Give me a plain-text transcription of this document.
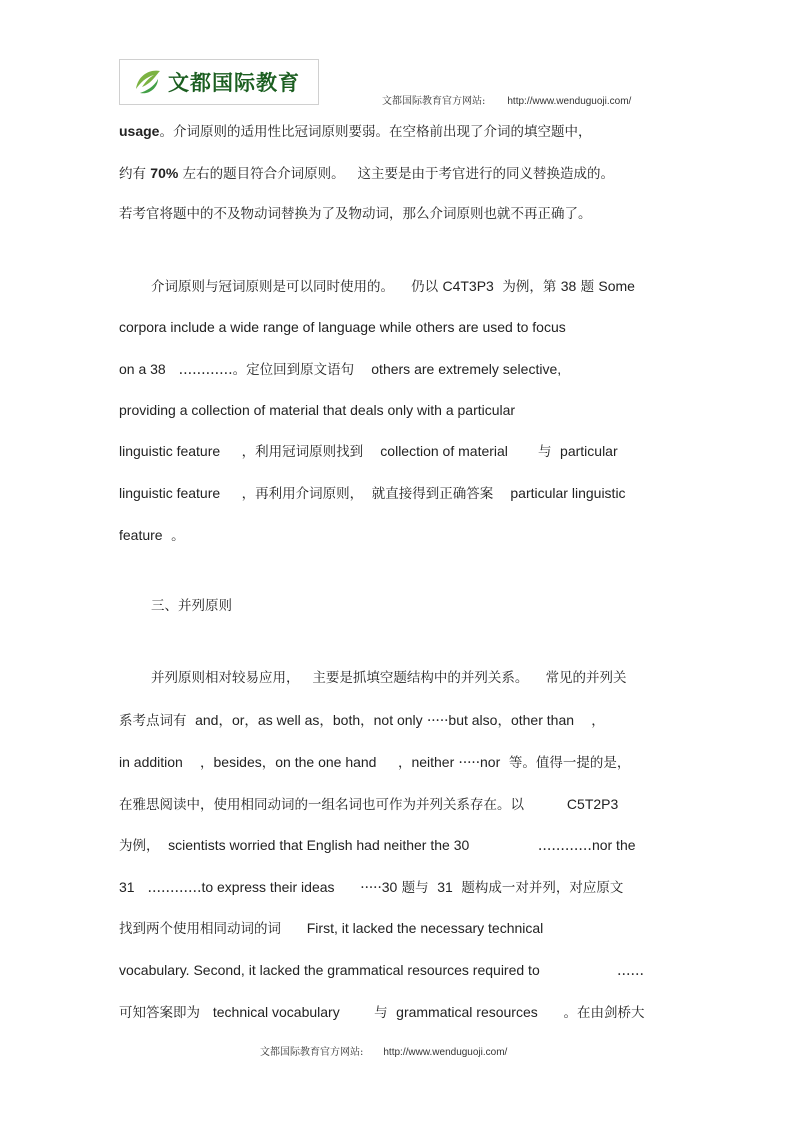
文都国际教育
文都国际教育官方网站: http://www.wenduguoji.com/
usage。介词原则的适用性比冠词原则要弱。在空格前出现了介词的填空题中，
约有 70% 左右的题目符合介词原则。   这主要是由于考官进行的同义替换造成的。
若考官将题中的不及物动词替换为了及物动词，那么介词原则也就不再正确了。
介词原则与冠词原则是可以同时使用的。    仍以 C4T3P3  为例，第 38 题 Some
corpora include a wide range of language while others are used to focus
on a 38   …………。定位回到原文语句    others are extremely selective,
providing a collection of material that deals only with a particular
linguistic feature     ，利用冠词原则找到    collection of material       与  particular
linguistic feature     ，再利用介词原则，  就直接得到正确答案    particular linguistic
feature  。
三、并列原则
并列原则相对较易应用，   主要是抓填空题结构中的并列关系。    常见的并列关
系考点词有  and，or，as well as，both，not only ·····but also，other than    ，
in addition    ，besides，on the one hand     ，neither ·····nor  等。值得一提的是，
在雅思阅读中，使用相同动词的一组名词也可作为并列关系存在。以          C5T2P3
为例，  scientists worried that English had neither the 30                …………nor the
31   …………to express their ideas      ·····30 题与  31  题构成一对并列，对应原文
找到两个使用相同动词的词      First, it lacked the necessary technical
vocabulary. Second, it lacked the grammatical resources required to                  ……
可知答案即为   technical vocabulary        与  grammatical resources      。在由剑桥大
文都国际教育官方网站: http://www.wenduguoji.com/
